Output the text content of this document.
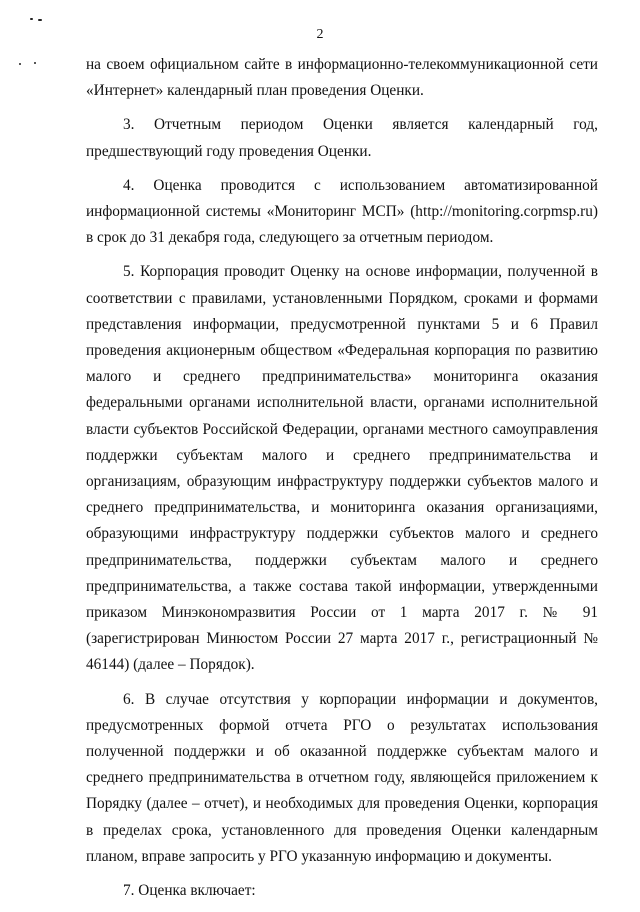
2

на своем официальном сайте в информационно-телекоммуникационной сети «Интернет» календарный план проведения Оценки.

3. Отчетным периодом Оценки является календарный год, предшествующий году проведения Оценки.

4. Оценка проводится с использованием автоматизированной информационной системы «Мониторинг МСП» (http://monitoring.corpmsp.ru) в срок до 31 декабря года, следующего за отчетным периодом.

5. Корпорация проводит Оценку на основе информации, полученной в соответствии с правилами, установленными Порядком, сроками и формами представления информации, предусмотренной пунктами 5 и 6 Правил проведения акционерным обществом «Федеральная корпорация по развитию малого и среднего предпринимательства» мониторинга оказания федеральными органами исполнительной власти, органами исполнительной власти субъектов Российской Федерации, органами местного самоуправления поддержки субъектам малого и среднего предпринимательства и организациям, образующим инфраструктуру поддержки субъектов малого и среднего предпринимательства, и мониторинга оказания организациями, образующими инфраструктуру поддержки субъектов малого и среднего предпринимательства, поддержки субъектам малого и среднего предпринимательства, а также состава такой информации, утвержденными приказом Минэкономразвития России от 1 марта 2017 г. № 91 (зарегистрирован Минюстом России 27 марта 2017 г., регистрационный № 46144) (далее – Порядок).

6. В случае отсутствия у корпорации информации и документов, предусмотренных формой отчета РГО о результатах использования полученной поддержки и об оказанной поддержке субъектам малого и среднего предпринимательства в отчетном году, являющейся приложением к Порядку (далее – отчет), и необходимых для проведения Оценки, корпорация в пределах срока, установленного для проведения Оценки календарным планом, вправе запросить у РГО указанную информацию и документы.

7. Оценка включает:
